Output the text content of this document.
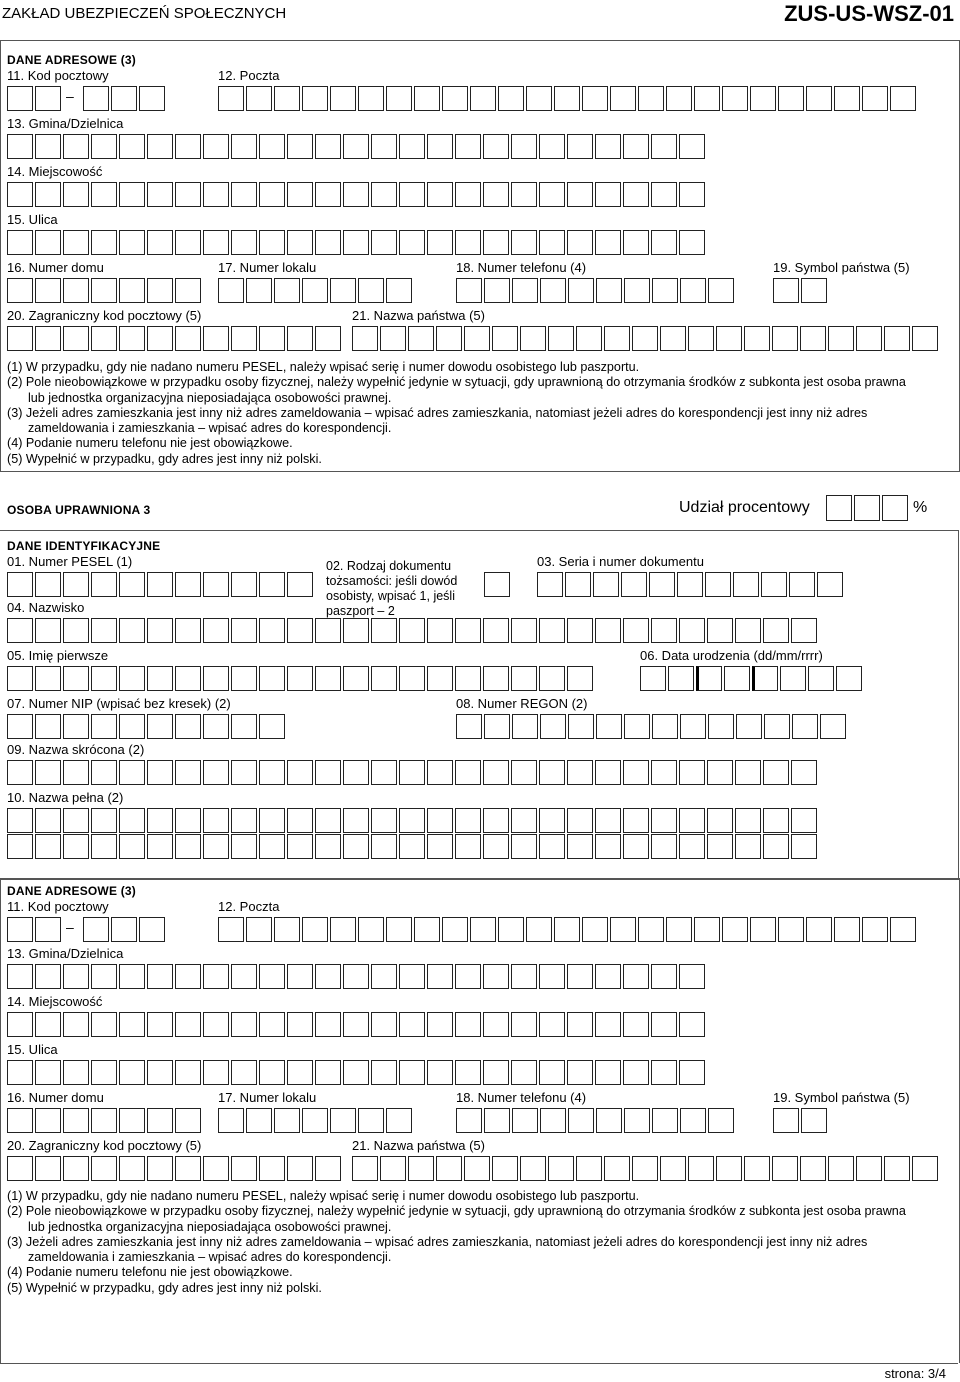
ZAKŁAD UBEZPIECZEŃ SPOŁECZNYCH	ZUS-US-WSZ-01
DANE ADRESOWE (3)
11. Kod pocztowy	12. Poczta
–
13. Gmina/Dzielnica
14. Miejscowość
15. Ulica
16. Numer domu	17. Numer lokalu	18. Numer telefonu (4)	19. Symbol państwa (5)
20. Zagraniczny kod pocztowy (5)	21. Nazwa państwa (5)
(1) W przypadku, gdy nie nadano numeru PESEL, należy wpisać serię i numer dowodu osobistego lub paszportu.
(2) Pole nieobowiązkowe w przypadku osoby fizycznej, należy wypełnić jedynie w sytuacji, gdy uprawnioną do otrzymania środków z subkonta jest osoba prawna
lub jednostka organizacyjna nieposiadająca osobowości prawnej.
(3) Jeżeli adres zamieszkania jest inny niż adres zameldowania – wpisać adres zamieszkania, natomiast jeżeli adres do korespondencji jest inny niż adres
zameldowania i zamieszkania – wpisać adres do korespondencji.
(4) Podanie numeru telefonu nie jest obowiązkowe.
(5) Wypełnić w przypadku, gdy adres jest inny niż polski.
OSOBA UPRAWNIONA 3	Udział procentowy	%
DANE IDENTYFIKACYJNE
01. Numer PESEL (1)	02. Rodzaj dokumentu
tożsamości: jeśli dowód
osobisty, wpisać 1, jeśli
paszport – 2
03. Seria i numer dokumentu
04. Nazwisko
05. Imię pierwsze	06. Data urodzenia (dd/mm/rrrr)
07. Numer NIP (wpisać bez kresek) (2)	08. Numer REGON (2)
09. Nazwa skrócona (2)
10. Nazwa pełna (2)
DANE ADRESOWE (3)
11. Kod pocztowy	12. Poczta
–
13. Gmina/Dzielnica
14. Miejscowość
15. Ulica
16. Numer domu	17. Numer lokalu	18. Numer telefonu (4)	19. Symbol państwa (5)
20. Zagraniczny kod pocztowy (5)	21. Nazwa państwa (5)
(1) W przypadku, gdy nie nadano numeru PESEL, należy wpisać serię i numer dowodu osobistego lub paszportu.
(2) Pole nieobowiązkowe w przypadku osoby fizycznej, należy wypełnić jedynie w sytuacji, gdy uprawnioną do otrzymania środków z subkonta jest osoba prawna
lub jednostka organizacyjna nieposiadająca osobowości prawnej.
(3) Jeżeli adres zamieszkania jest inny niż adres zameldowania – wpisać adres zamieszkania, natomiast jeżeli adres do korespondencji jest inny niż adres
zameldowania i zamieszkania – wpisać adres do korespondencji.
(4) Podanie numeru telefonu nie jest obowiązkowe.
(5) Wypełnić w przypadku, gdy adres jest inny niż polski.
strona: 3/4
